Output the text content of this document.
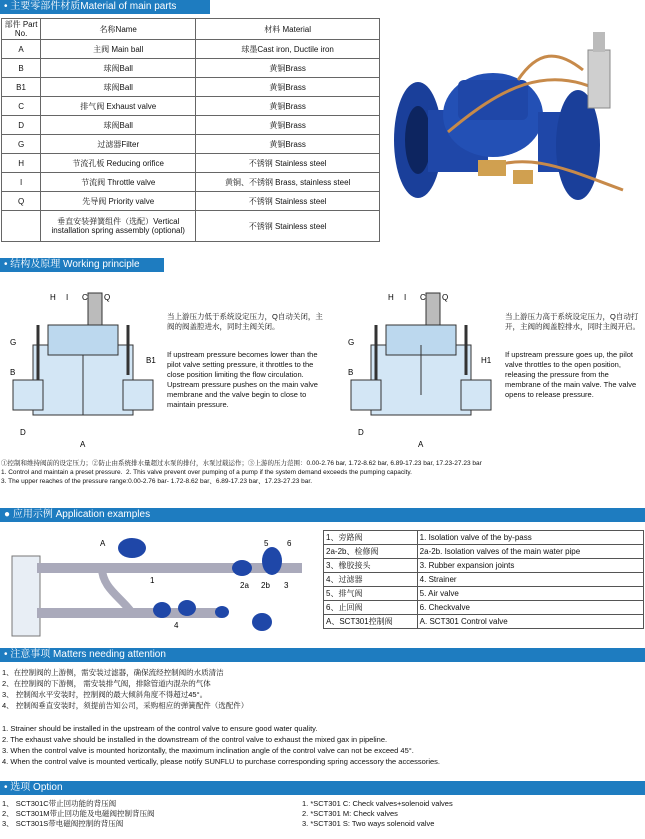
• 主要零部件材质Material of main parts
部件 Part No.	名称Name	材料 Material
A	主阀 Main ball	球墨Cast iron, Ductile iron
B	球阀Ball	黄铜Brass
B1	球阀Ball	黄铜Brass
C	排气阀 Exhaust valve	黄铜Brass
D	球阀Ball	黄铜Brass
G	过滤器Filter	黄铜Brass
H	节流孔板 Reducing orifice	不锈钢 Stainless steel
I	节流阀 Throttle valve	黄铜、不锈钢 Brass, stainless steel
Q	先导阀 Priority valve	不锈钢 Stainless steel
	垂直安装弹簧组件（选配）Vertical installation spring assembly (optional)	不锈钢 Stainless steel
• 结构及原理 Working principle
H I C Q
G
B
B1
D
A
当上游压力低于系统设定压力，Q自动关闭，主阀的阀盖腔进水，同时主阀关闭。
If upstream pressure becomes lower than the pilot valve setting pressure, it throttles to the close position limiting the flow circulation. Upstream pressure pushes on the main valve membrane and the valve begin to close to maintain pressure.
H I C Q
G
B
H1
D
A
当上游压力高于系统设定压力，Q自动打开，主阀的阀盖腔排水，同时主阀开启。
If upstream pressure goes up, the pilot valve throttles to the open position, releasing the pressure from the membrane of the main valve. The valve opens to release pressure.
①控制和维持阀前的设定压力；②防止由系统排水量超过水泵的排付，水泵过载运作；③上游的压力范围：0.00-2.76 bar, 1.72-8.62 bar, 6.89-17.23 bar, 17.23-27.23 bar
1. Control and maintain a preset pressure.  2. This valve prevent over pumping of a pump if the system demand exceeds the pumping capacity.
3. The upper reaches of the pressure range:0.00-2.76 bar- 1.72-8.62 bar、6.89-17.23 bar、17.23-27.23 bar.
● 应用示例 Application examples
A
1
5 6
2a 2b 3
4
1、旁路阀	1. Isolation valve of the by-pass
2a-2b、检修阀	2a-2b. Isolation valves of the main water pipe
3、橡胶接头	3. Rubber expansion joints
4、过滤器	4. Strainer
5、排气阀	5. Air valve
6、止回阀	6. Checkvalve
A、SCT301控制阀	A. SCT301 Control valve
• 注意事项 Matters needing attention
1、在控制阀的上游侧，需安装过滤器，确保流经控制阀的水质清洁
2、在控制阀的下游侧， 需安装排气阀，排除管道内混杂的气体
3、 控制阀水平安装时，控制阀的最大倾斜角度不得超过45°。
4、 控制阀垂直安装时，须提前告知公司，采购相应的弹簧配件（选配件）
1. Strainer should be installed in the upstream of the control valve to ensure good water quality.
2. The exhaust valve should be installed in the downstream of the control valve to exhaust the mixed gax in pipeline.
3. When the control valve is mounted horizontally, the maximum inclination angle of the control valve can not be exceed 45°.
4. When the control valve is mounted vertically, please notify SUNFLU to purchase corresponding spring accessory the accessories.
• 选项 Option
1、 SCT301C带止回功能的背压阀
2、 SCT301M带止回功能及电磁阀控制背压阀
3、 SCT301S带电磁阀控制的背压阀
1. *SCT301 C: Check valves+solenoid valves
2. *SCT301 M: Check valves
3. *SCT301 S: Two ways solenoid valve
